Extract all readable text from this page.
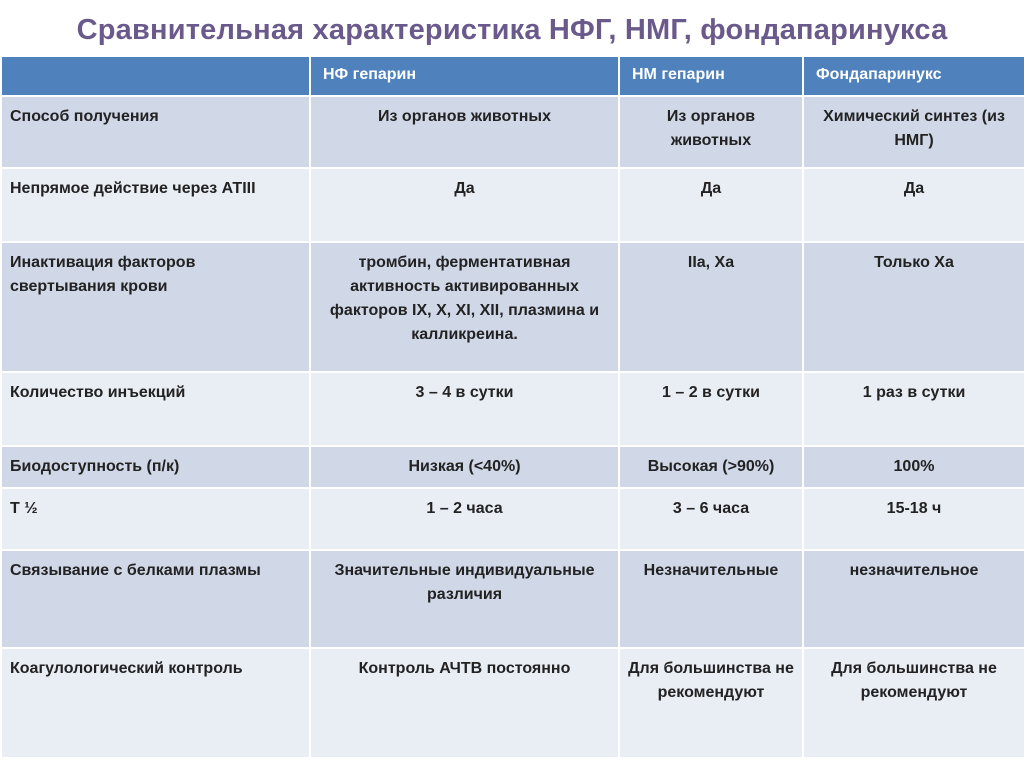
Сравнительная характеристика НФГ, НМГ, фондапаринукса
	НФ гепарин	НМ гепарин	Фондапаринукс
Способ получения	Из органов животных	Из органов животных	Химический синтез (из НМГ)
Непрямое действие через АТIII	Да	Да	Да
Инактивация факторов свертывания крови	тромбин, ферментативная активность активированных факторов IX, X, XI, XII, плазмина и калликреина.	IIa, Xa	Только Xa
Количество инъекций	3 – 4 в сутки	1 – 2 в сутки	1 раз в сутки
Биодоступность (п/к)	Низкая (<40%)	Высокая (>90%)	100%
T ½	1 – 2 часа	3 – 6 часа	15-18 ч
Связывание с белками плазмы	Значительные индивидуальные различия	Незначительные	незначительное
Коагулологический контроль	Контроль АЧТВ постоянно	Для большинства не рекомендуют	Для большинства не рекомендуют
